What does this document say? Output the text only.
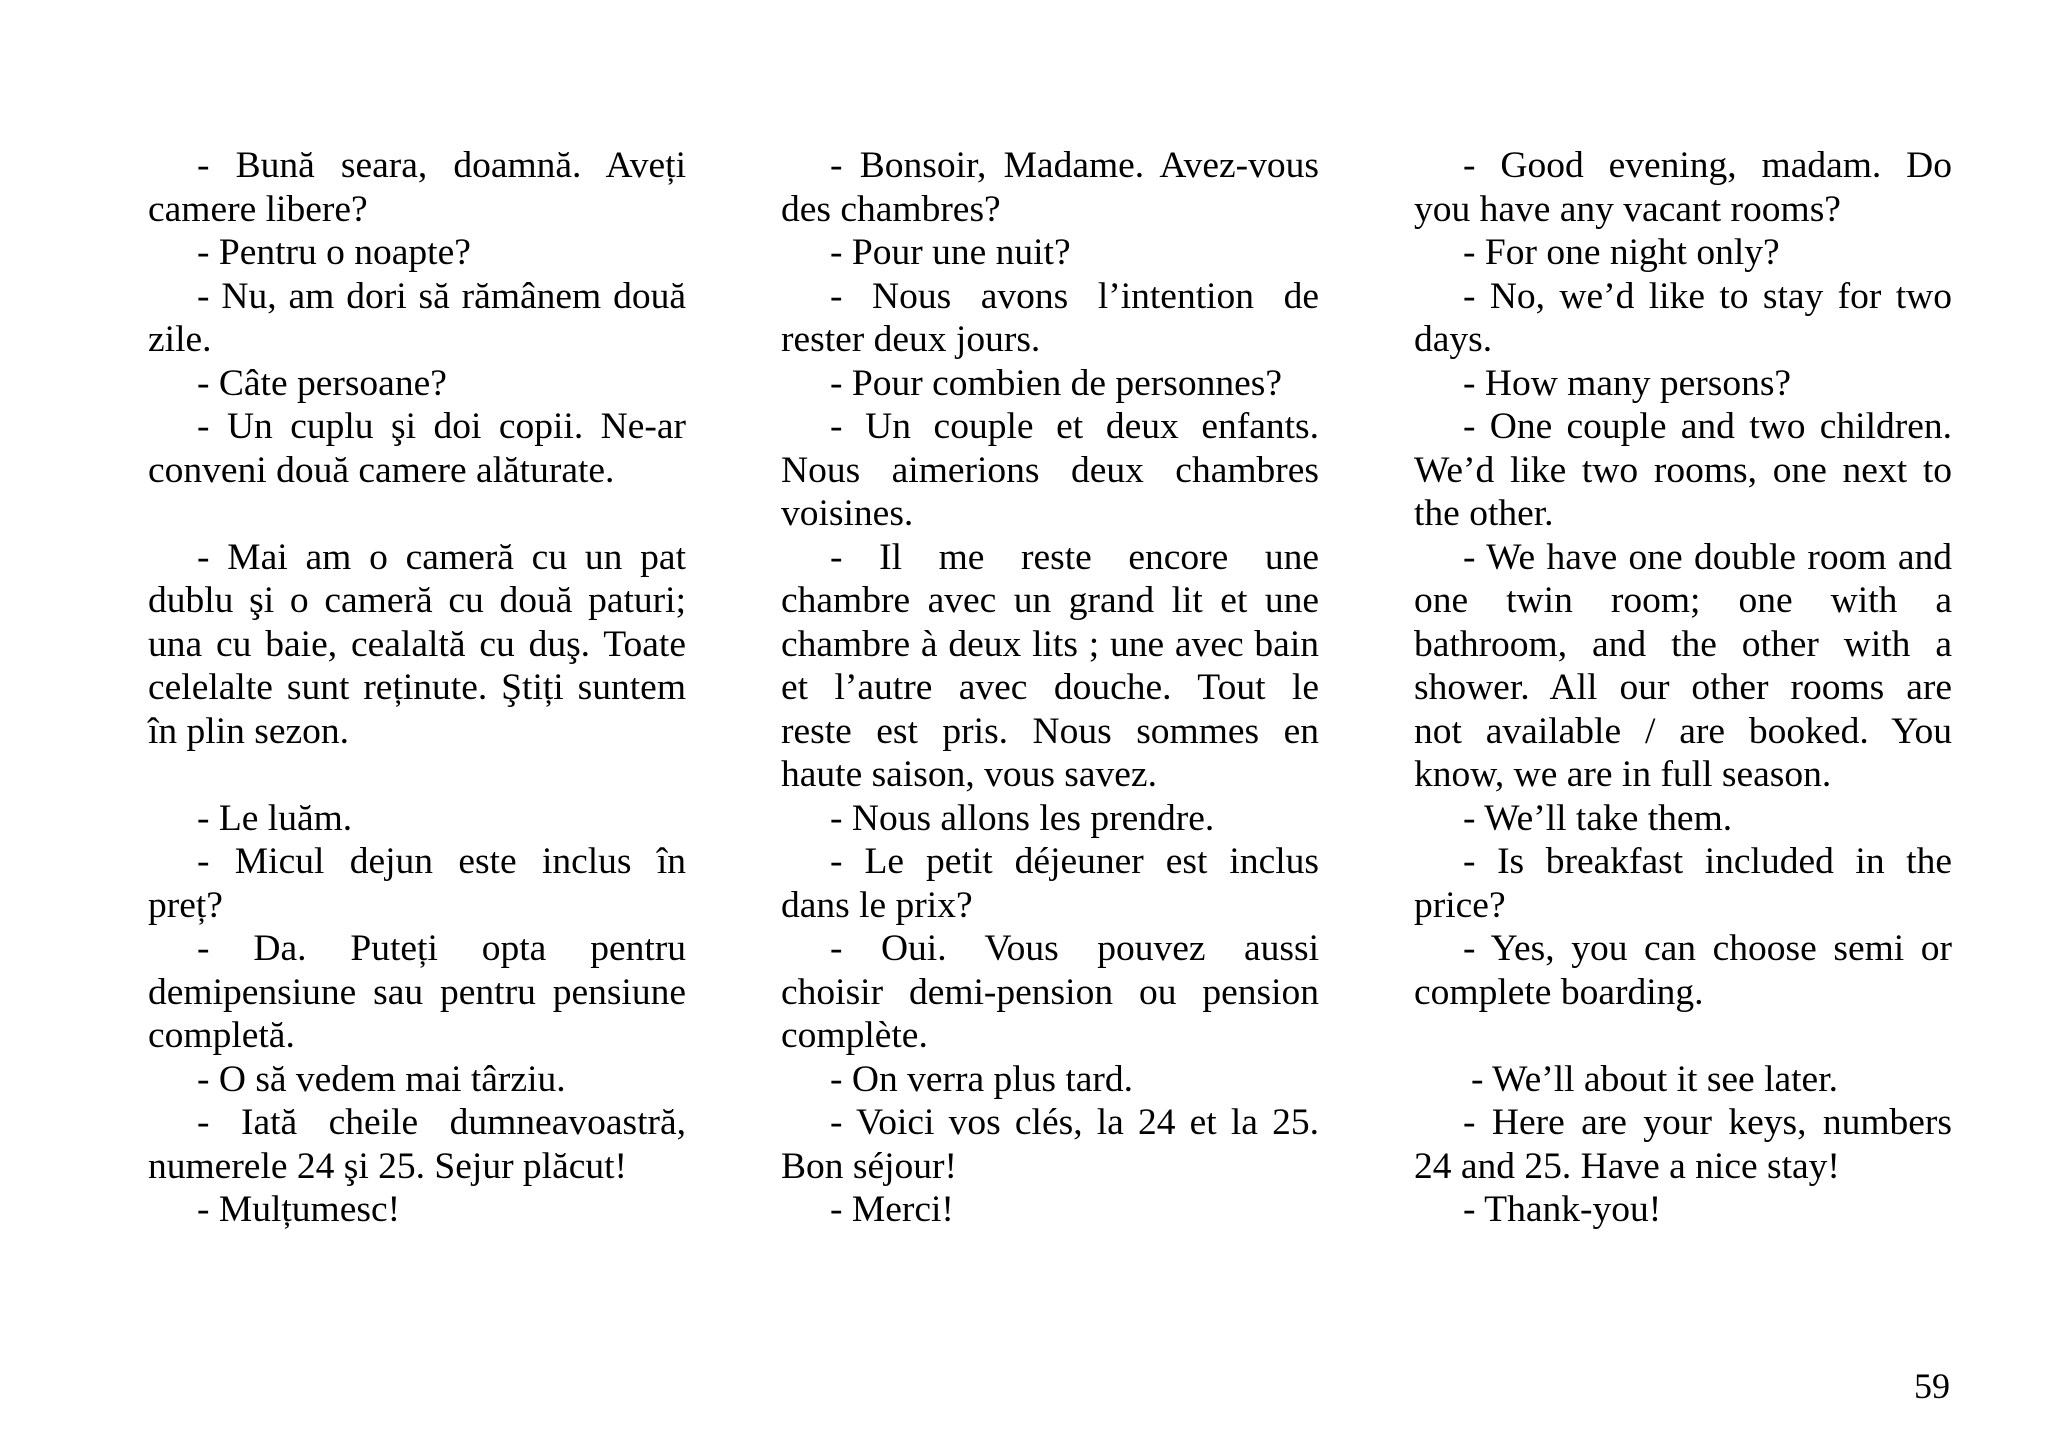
- Bună seara, doamnă. Aveți
camere libere?
- Pentru o noapte?
- Nu, am dori să rămânem două
zile.
- Câte persoane?
- Un cuplu şi doi copii. Ne-ar
conveni două camere alăturate.
- Mai am o cameră cu un pat
dublu şi o cameră cu două paturi;
una cu baie, cealaltă cu duş. Toate
celelalte sunt reținute. Ştiți suntem
în plin sezon.
- Le luăm.
- Micul dejun este inclus în
preț?
- Da. Puteți opta pentru
demipensiune sau pentru pensiune
completă.
- O să vedem mai târziu.
- Iată cheile dumneavoastră,
numerele 24 şi 25. Sejur plăcut!
- Mulțumesc!
- Bonsoir, Madame. Avez-vous
des chambres?
- Pour une nuit?
- Nous avons l’intention de
rester deux jours.
- Pour combien de personnes?
- Un couple et deux enfants.
Nous aimerions deux chambres
voisines.
- Il me reste encore une
chambre avec un grand lit et une
chambre à deux lits ; une avec bain
et l’autre avec douche. Tout le
reste est pris. Nous sommes en
haute saison, vous savez.
- Nous allons les prendre.
- Le petit déjeuner est inclus
dans le prix?
- Oui. Vous pouvez aussi
choisir demi-pension ou pension
complète.
- On verra plus tard.
- Voici vos clés, la 24 et la 25.
Bon séjour!
- Merci!
- Good evening, madam. Do
you have any vacant rooms?
- For one night only?
- No, we’d like to stay for two
days.
- How many persons?
- One couple and two children.
We’d like two rooms, one next to
the other.
- We have one double room and
one twin room; one with a
bathroom, and the other with a
shower. All our other rooms are
not available / are booked. You
know, we are in full season.
- We’ll take them.
- Is breakfast included in the
price?
- Yes, you can choose semi or
complete boarding.
- We’ll about it see later.
- Here are your keys, numbers
24 and 25. Have a nice stay!
- Thank-you!
59
